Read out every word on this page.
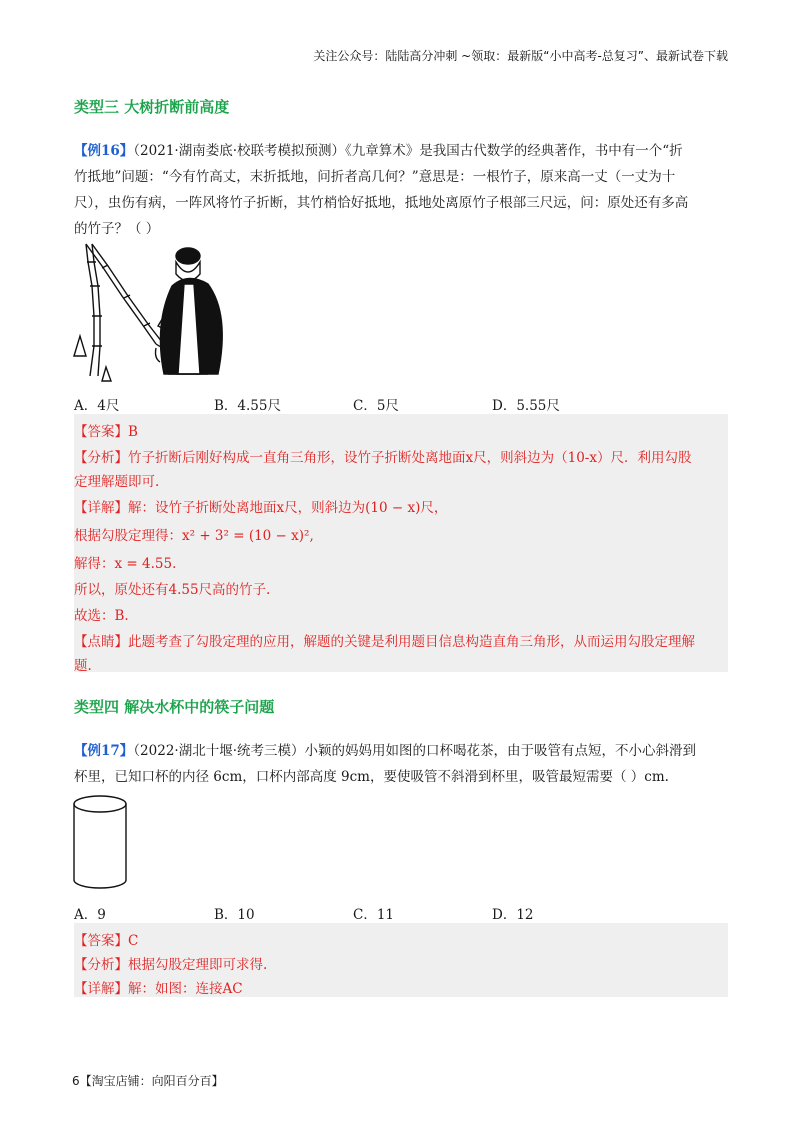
关注公众号：陆陆高分冲刺 ~领取：最新版“小中高考-总复习”、最新试卷下载
类型三 大树折断前高度
【例16】（2021·湖南娄底·校联考模拟预测）《九章算术》是我国古代数学的经典著作，书中有一个“折
竹抵地”问题：“今有竹高丈，末折抵地，问折者高几何？”意思是：一根竹子，原来高一丈（一丈为十
尺），虫伤有病，一阵风将竹子折断，其竹梢恰好抵地，抵地处离原竹子根部三尺远，问：原处还有多高
的竹子？（ ）
A．4尺	B．4.55尺	C．5尺	D．5.55尺
【答案】B
【分析】竹子折断后刚好构成一直角三角形，设竹子折断处离地面x尺，则斜边为（10-x）尺．利用勾股
定理解题即可.
【详解】解：设竹子折断处离地面x尺，则斜边为(10 − x)尺，
根据勾股定理得：x² + 3² = (10 − x)²,
解得：x = 4.55.
所以，原处还有4.55尺高的竹子.
故选：B.
【点睛】此题考查了勾股定理的应用，解题的关键是利用题目信息构造直角三角形，从而运用勾股定理解
题.
类型四 解决水杯中的筷子问题
【例17】（2022·湖北十堰·统考三模）小颖的妈妈用如图的口杯喝花茶，由于吸管有点短，不小心斜滑到
杯里，已知口杯的内径 6cm，口杯内部高度 9cm，要使吸管不斜滑到杯里，吸管最短需要（ ）cm.
A．9	B．10	C．11	D．12
【答案】C
【分析】根据勾股定理即可求得.
【详解】解：如图：连接AC
6【淘宝店铺：向阳百分百】
